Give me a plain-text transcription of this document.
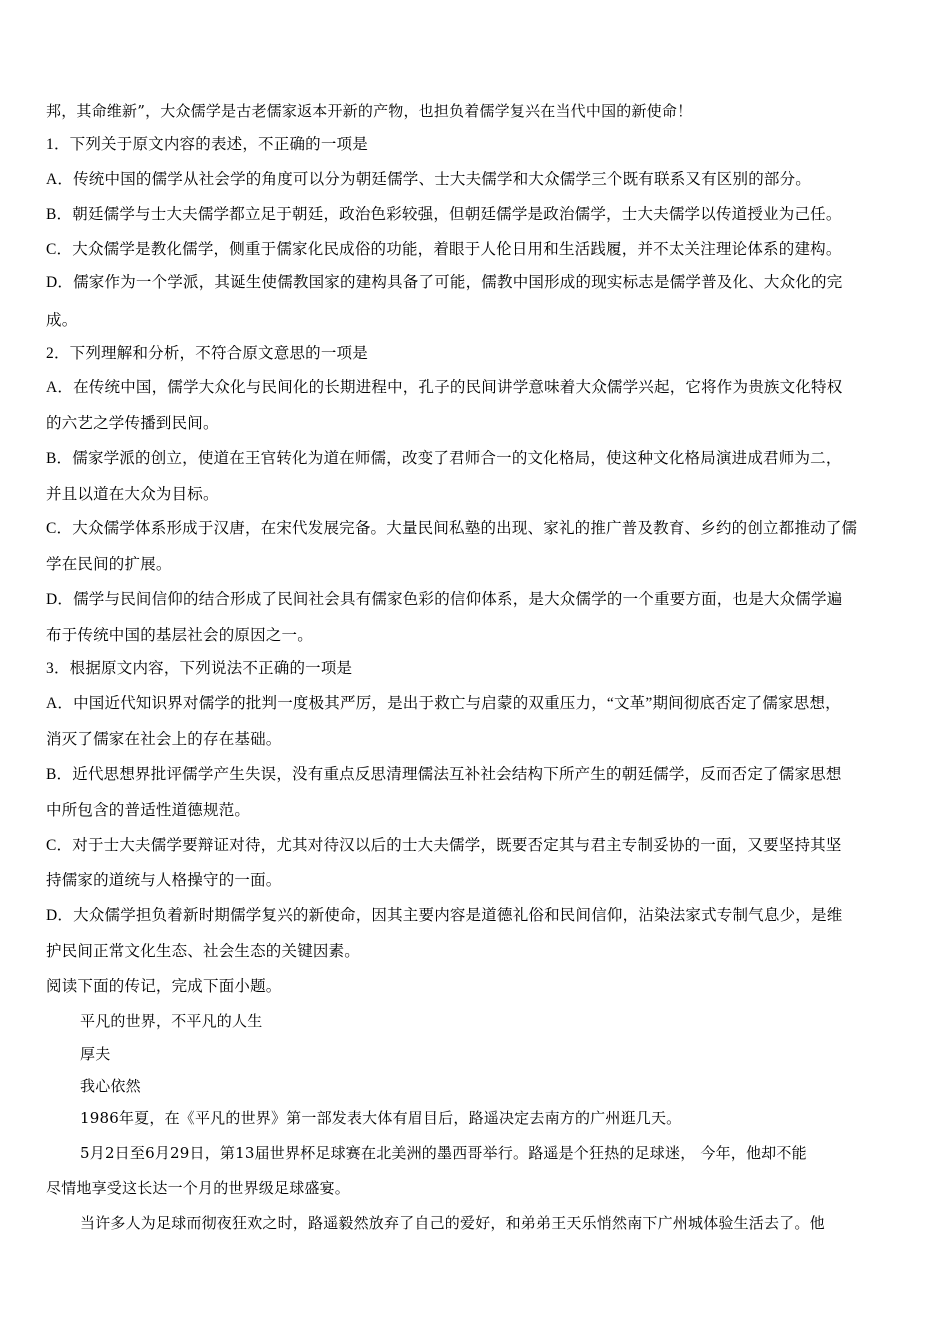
邦，其命维新”，大众儒学是古老儒家返本开新的产物，也担负着儒学复兴在当代中国的新使命！
1．下列关于原文内容的表述，不正确的一项是
A．传统中国的儒学从社会学的角度可以分为朝廷儒学、士大夫儒学和大众儒学三个既有联系又有区别的部分。
B．朝廷儒学与士大夫儒学都立足于朝廷，政治色彩较强，但朝廷儒学是政治儒学，士大夫儒学以传道授业为己任。
C．大众儒学是教化儒学，侧重于儒家化民成俗的功能，着眼于人伦日用和生活践履，并不太关注理论体系的建构。
D．儒家作为一个学派，其诞生使儒教国家的建构具备了可能，儒教中国形成的现实标志是儒学普及化、大众化的完
成。
2．下列理解和分析，不符合原文意思的一项是
A．在传统中国，儒学大众化与民间化的长期进程中，孔子的民间讲学意味着大众儒学兴起，它将作为贵族文化特权
的六艺之学传播到民间。
B．儒家学派的创立，使道在王官转化为道在师儒，改变了君师合一的文化格局，使这种文化格局演进成君师为二，
并且以道在大众为目标。
C．大众儒学体系形成于汉唐，在宋代发展完备。大量民间私塾的出现、家礼的推广普及教育、乡约的创立都推动了儒
学在民间的扩展。
D．儒学与民间信仰的结合形成了民间社会具有儒家色彩的信仰体系，是大众儒学的一个重要方面，也是大众儒学遍
布于传统中国的基层社会的原因之一。
3．根据原文内容，下列说法不正确的一项是
A．中国近代知识界对儒学的批判一度极其严厉，是出于救亡与启蒙的双重压力，“文革”期间彻底否定了儒家思想，
消灭了儒家在社会上的存在基础。
B．近代思想界批评儒学产生失误，没有重点反思清理儒法互补社会结构下所产生的朝廷儒学，反而否定了儒家思想
中所包含的普适性道德规范。
C．对于士大夫儒学要辩证对待，尤其对待汉以后的士大夫儒学，既要否定其与君主专制妥协的一面，又要坚持其坚
持儒家的道统与人格操守的一面。
D．大众儒学担负着新时期儒学复兴的新使命，因其主要内容是道德礼俗和民间信仰，沾染法家式专制气息少，是维
护民间正常文化生态、社会生态的关键因素。
阅读下面的传记，完成下面小题。
平凡的世界，不平凡的人生
厚夫
我心依然
1986年夏，在《平凡的世界》第一部发表大体有眉目后，路遥决定去南方的广州逛几天。
5月2日至6月29日，第13届世界杯足球赛在北美洲的墨西哥举行。路遥是个狂热的足球迷， 今年，他却不能
尽情地享受这长达一个月的世界级足球盛宴。
当许多人为足球而彻夜狂欢之时，路遥毅然放弃了自己的爱好，和弟弟王天乐悄然南下广州城体验生活去了。他
